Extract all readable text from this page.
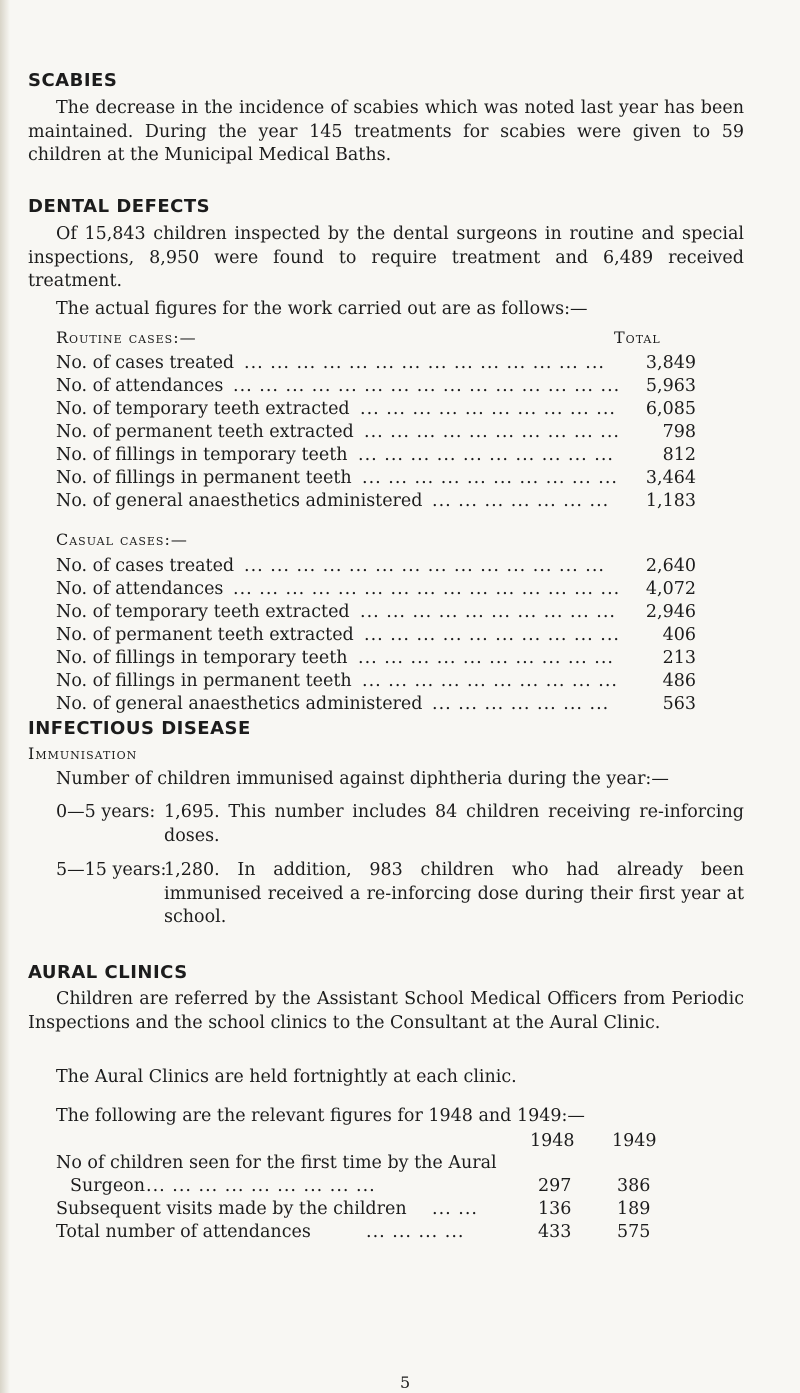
SCABIES

The decrease in the incidence of scabies which was noted last year has been maintained. During the year 145 treatments for scabies were given to 59 children at the Municipal Medical Baths.

DENTAL DEFECTS

Of 15,843 children inspected by the dental surgeons in routine and special inspections, 8,950 were found to require treatment and 6,489 received treatment.

The actual figures for the work carried out are as follows:—
Routine cases:—	Total
No. of cases treated ... ... ... ... ... ... ... ... ... ... ... ... ... ... 3,849
No. of attendances ... ... ... ... ... ... ... ... ... ... ... ... ... ... ... 5,963
No. of temporary teeth extracted ... ... ... ... ... ... ... ... ... ... 6,085
No. of permanent teeth extracted ... ... ... ... ... ... ... ... ... ... 798
No. of fillings in temporary teeth ... ... ... ... ... ... ... ... ... ...	812
No. of fillings in permanent teeth ... ... ... ... ... ... ... ... ... ... 3,464
No. of general anaesthetics administered ... ... ... ... ... ... ... 1,183
Casual cases:—
No. of cases treated ... ... ... ... ... ... ... ... ... ... ... ... ... ... 2,640
No. of attendances ... ... ... ... ... ... ... ... ... ... ... ... ... ... ... 4,072
No. of temporary teeth extracted ... ... ... ... ... ... ... ... ... ... 2,946
No. of permanent teeth extracted ... ... ... ... ... ... ... ... ... ... 406
No. of fillings in temporary teeth ... ... ... ... ... ... ... ... ... ...	213
No. of fillings in permanent teeth ... ... ... ... ... ... ... ... ... ...	486
No. of general anaesthetics administered ... ... ... ... ... ... ...	563
INFECTIOUS DISEASE
Immunisation
Number of children immunised against diphtheria during the year:—
0—5 years: 1,695. This number includes 84 children receiving re-inforcing doses.
5—15 years:
1,280. In addition, 983 children who had already been immunised received a re-inforcing dose during their first year at school.
AURAL CLINICS

Children are referred by the Assistant School Medical Officers from Periodic Inspections and the school clinics to the Consultant at the Aural Clinic.

The Aural Clinics are held fortnightly at each clinic.
The following are the relevant figures for 1948 and 1949:—
1948 1949
No of children seen for the first time by the Aural
Surgeon ... ... ... ... ... ... ... ... ...	297	386
Subsequent visits made by the children ... ...	136	189
Total number of attendances	... ... ... ...	433	575
5
